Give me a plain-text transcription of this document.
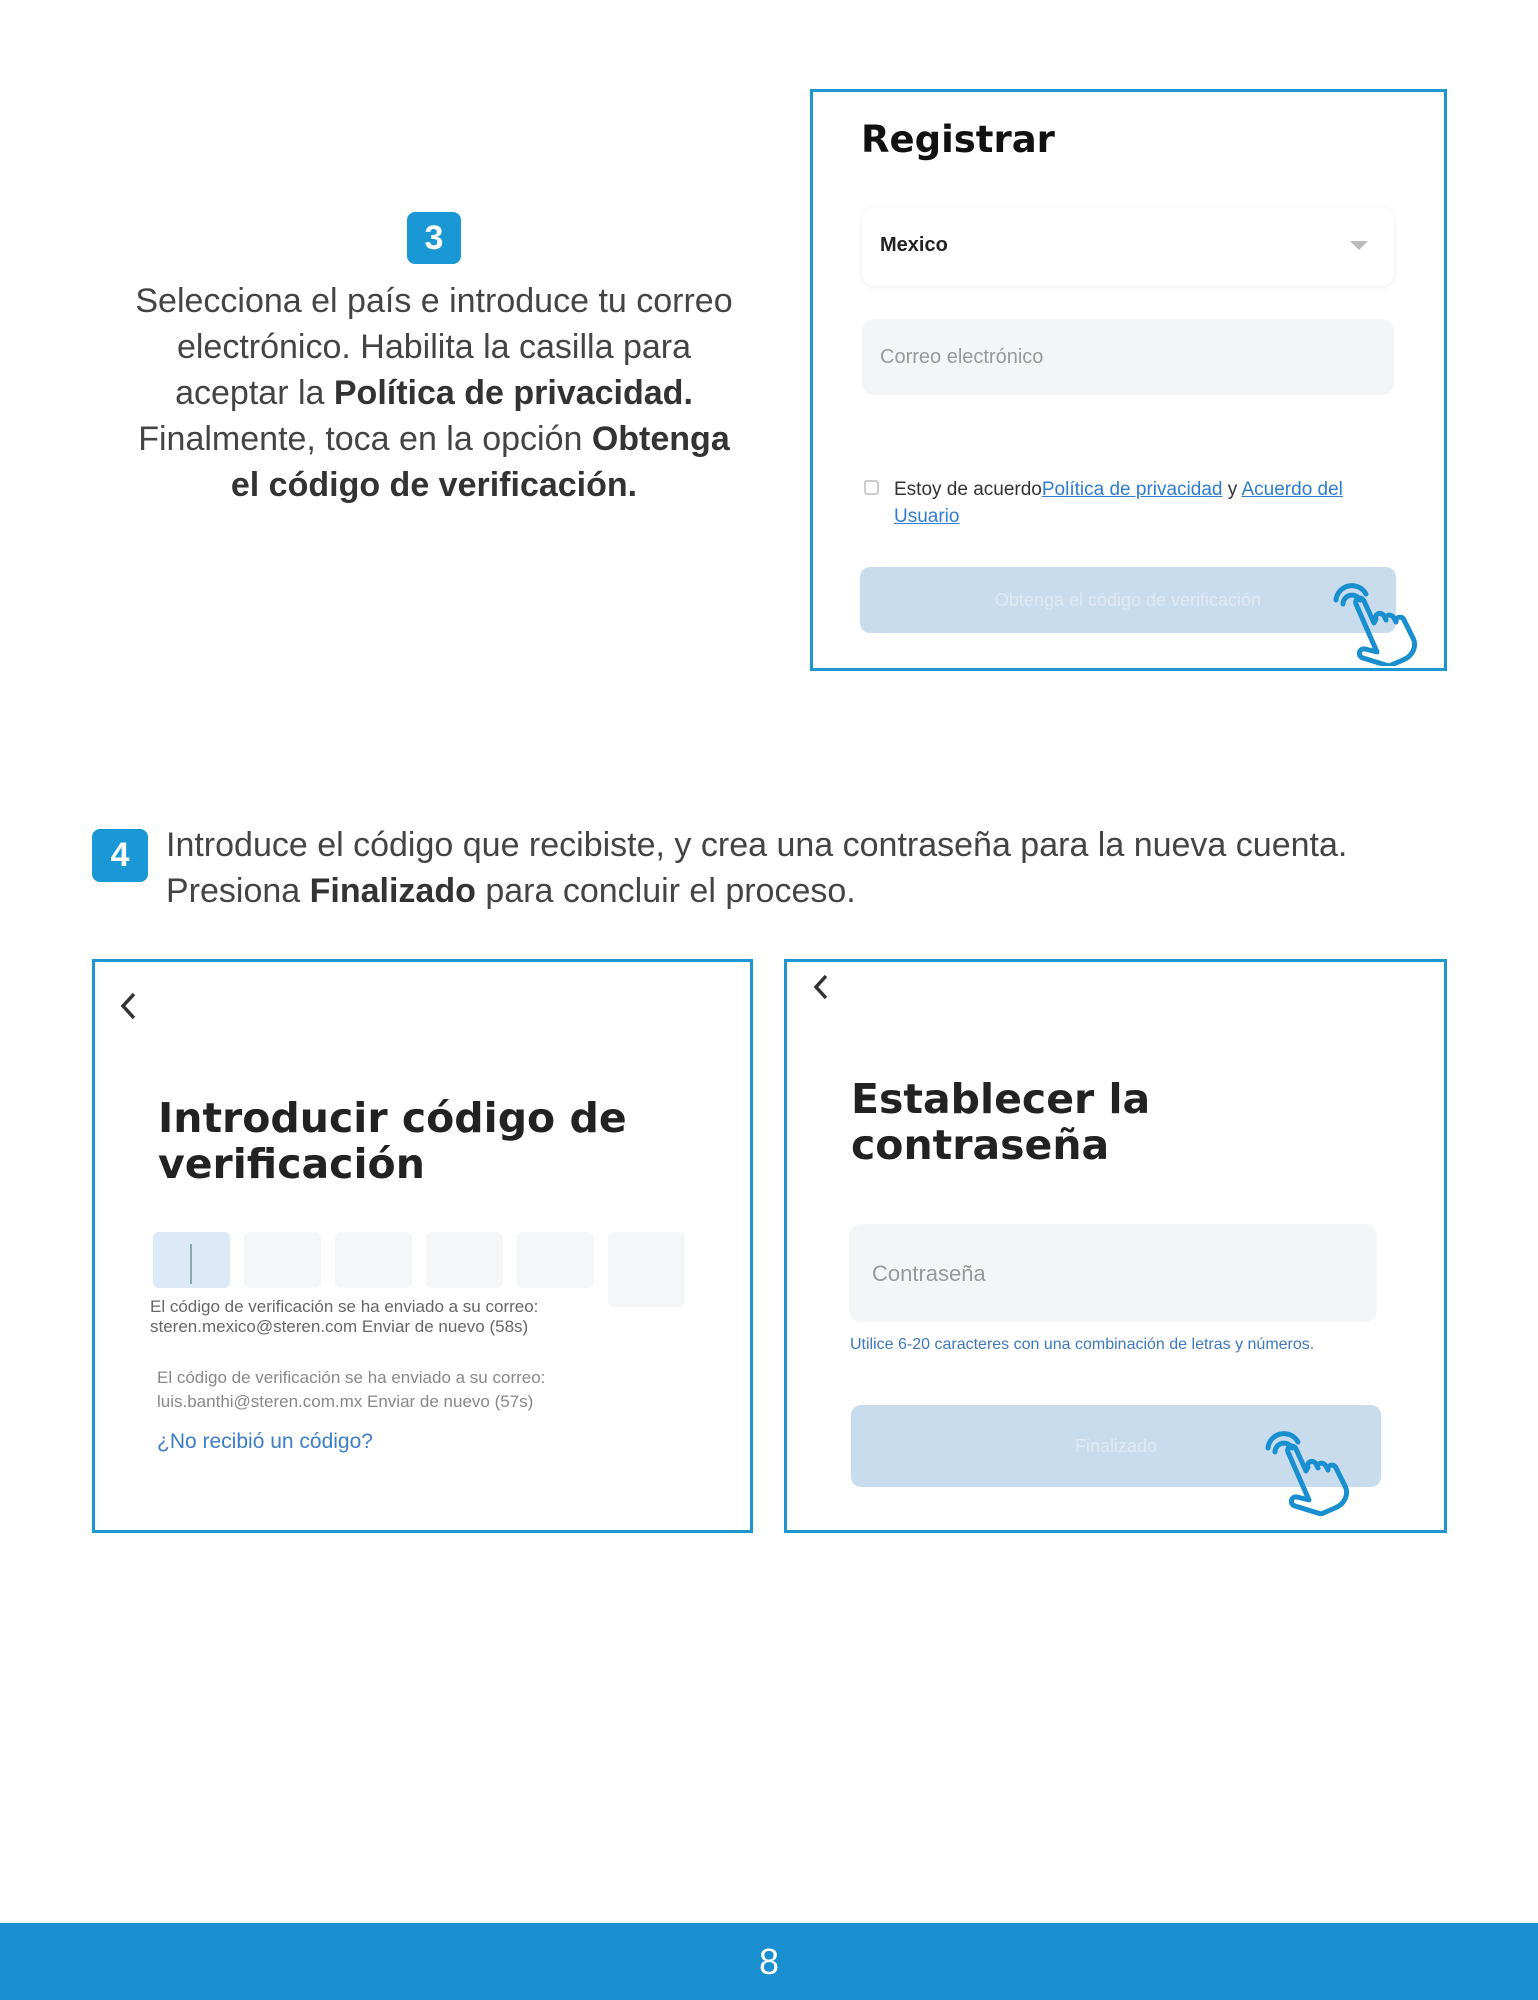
3

Selecciona el país e introduce tu correo electrónico. Habilita la casilla para aceptar la Política de privacidad. Finalmente, toca en la opción Obtenga el código de verificación.

Registrar
Mexico
Correo electrónico
Estoy de acuerdoPolítica de privacidad y Acuerdo del Usuario
Obtenga el código de verificación
4	Introduce el código que recibiste, y crea una contraseña para la nueva cuenta.
Presiona Finalizado para concluir el proceso.
Introducir código de
verificación
El código de verificación se ha enviado a su correo:
steren.mexico@steren.com Enviar de nuevo (58s)
El código de verificación se ha enviado a su correo:
luis.banthi@steren.com.mx Enviar de nuevo (57s)
¿No recibió un código?
Establecer la
contraseña
Contraseña
Utilice 6-20 caracteres con una combinación de letras y números.
Finalizado
8
